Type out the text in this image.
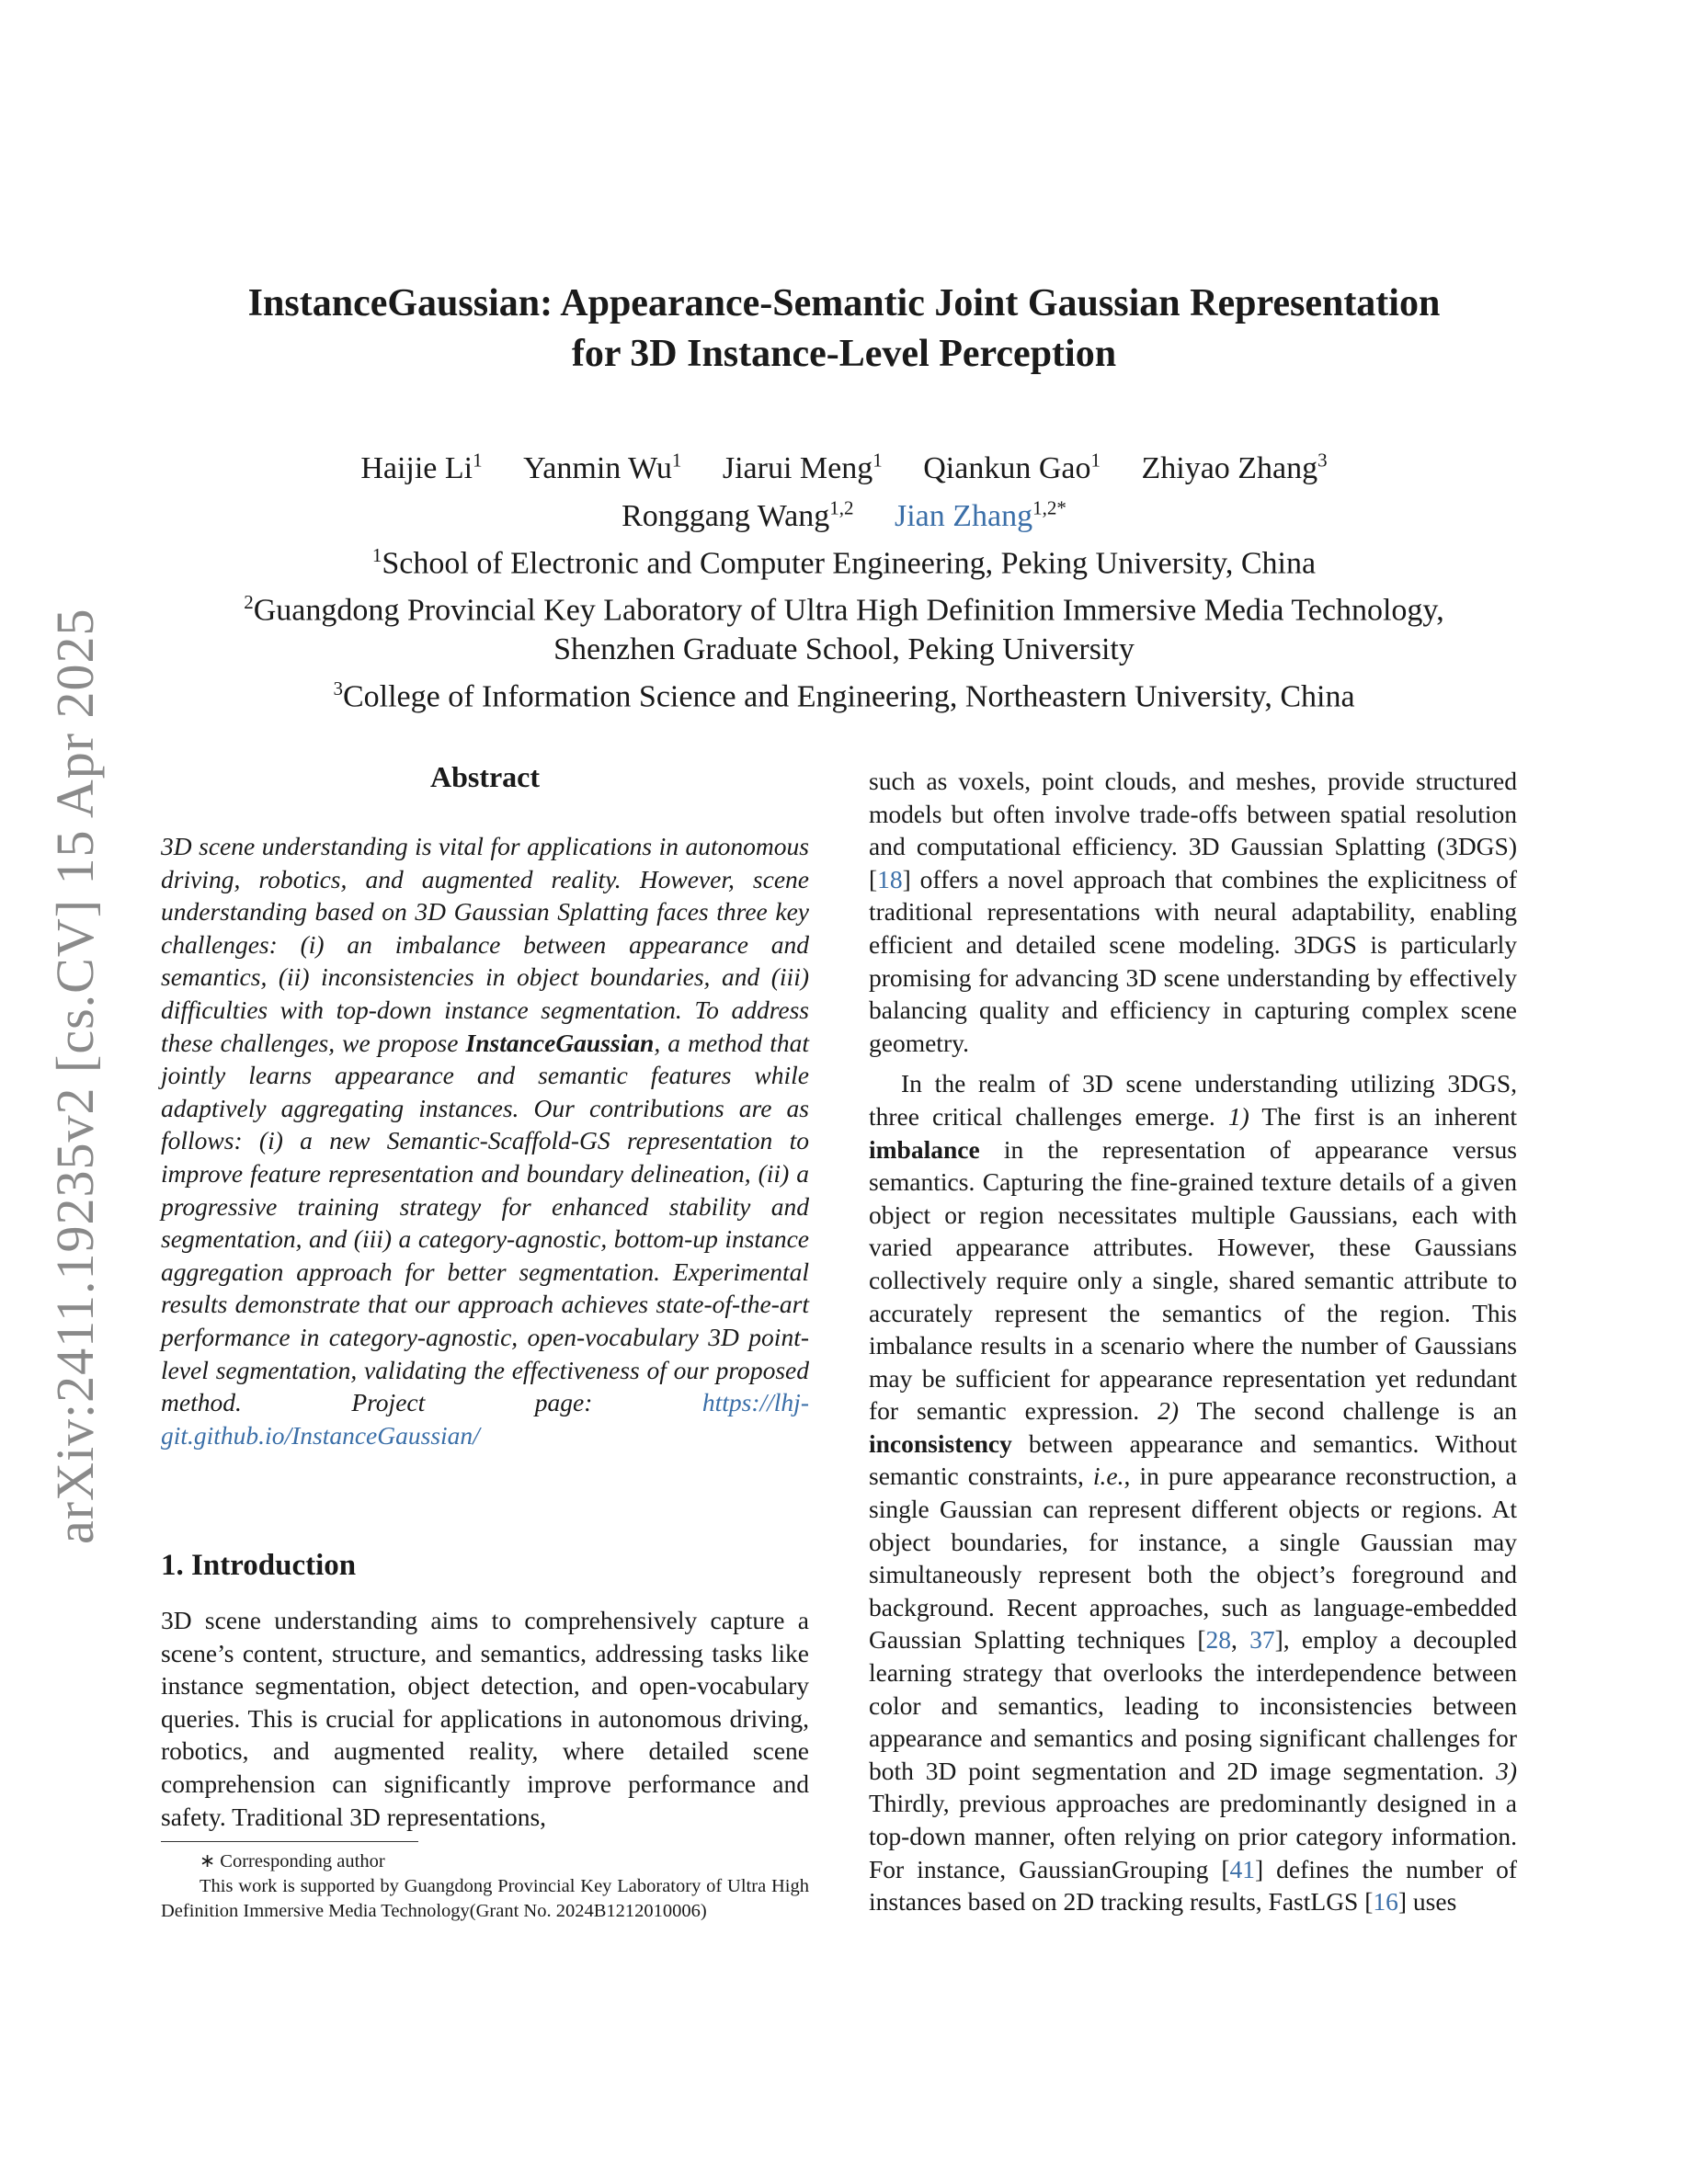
arXiv:2411.19235v2 [cs.CV] 15 Apr 2025
InstanceGaussian: Appearance-Semantic Joint Gaussian Representation
for 3D Instance-Level Perception
Haijie Li$^1$ Yanmin Wu$^1$ Jiarui Meng$^1$ Qiankun Gao$^1$ Zhiyao Zhang$^3$
Ronggang Wang$^{1,2}$ Jian Zhang$^{1,2*}$
$^1$School of Electronic and Computer Engineering, Peking University, China
$^2$Guangdong Provincial Key Laboratory of Ultra High Definition Immersive Media Technology,
Shenzhen Graduate School, Peking University
$^3$College of Information Science and Engineering, Northeastern University, China
Abstract
3D scene understanding is vital for applications in autonomous driving, robotics, and augmented reality. However, scene understanding based on 3D Gaussian Splatting faces three key challenges: (i) an imbalance between appearance and semantics, (ii) inconsistencies in object boundaries, and (iii) difficulties with top-down instance segmentation. To address these challenges, we propose InstanceGaussian, a method that jointly learns appearance and semantic features while adaptively aggregating instances. Our contributions are as follows: (i) a new Semantic-Scaffold-GS representation to improve feature representation and boundary delineation, (ii) a progressive training strategy for enhanced stability and segmentation, and (iii) a category-agnostic, bottom-up instance aggregation approach for better segmentation. Experimental results demonstrate that our approach achieves state-of-the-art performance in category-agnostic, open-vocabulary 3D point-level segmentation, validating the effectiveness of our proposed method. Project page: https://lhj-git.github.io/InstanceGaussian/
1. Introduction
3D scene understanding aims to comprehensively capture a scene’s content, structure, and semantics, addressing tasks like instance segmentation, object detection, and open-vocabulary queries. This is crucial for applications in autonomous driving, robotics, and augmented reality, where detailed scene comprehension can significantly improve performance and safety. Traditional 3D representations,

∗ Corresponding author

This work is supported by Guangdong Provincial Key Laboratory of Ultra High Definition Immersive Media Technology(Grant No. 2024B1212010006)

such as voxels, point clouds, and meshes, provide structured models but often involve trade-offs between spatial resolution and computational efficiency. 3D Gaussian Splatting (3DGS) [18] offers a novel approach that combines the explicitness of traditional representations with neural adaptability, enabling efficient and detailed scene modeling. 3DGS is particularly promising for advancing 3D scene understanding by effectively balancing quality and efficiency in capturing complex scene geometry.

In the realm of 3D scene understanding utilizing 3DGS, three critical challenges emerge. 1) The first is an inherent imbalance in the representation of appearance versus semantics. Capturing the fine-grained texture details of a given object or region necessitates multiple Gaussians, each with varied appearance attributes. However, these Gaussians collectively require only a single, shared semantic attribute to accurately represent the semantics of the region. This imbalance results in a scenario where the number of Gaussians may be sufficient for appearance representation yet redundant for semantic expression. 2) The second challenge is an inconsistency between appearance and semantics. Without semantic constraints, i.e., in pure appearance reconstruction, a single Gaussian can represent different objects or regions. At object boundaries, for instance, a single Gaussian may simultaneously represent both the object’s foreground and background. Recent approaches, such as language-embedded Gaussian Splatting techniques [28, 37], employ a decoupled learning strategy that overlooks the interdependence between color and semantics, leading to inconsistencies between appearance and semantics and posing significant challenges for both 3D point segmentation and 2D image segmentation. 3) Thirdly, previous approaches are predominantly designed in a top-down manner, often relying on prior category information. For instance, GaussianGrouping [41] defines the number of instances based on 2D tracking results, FastLGS [16] uses
